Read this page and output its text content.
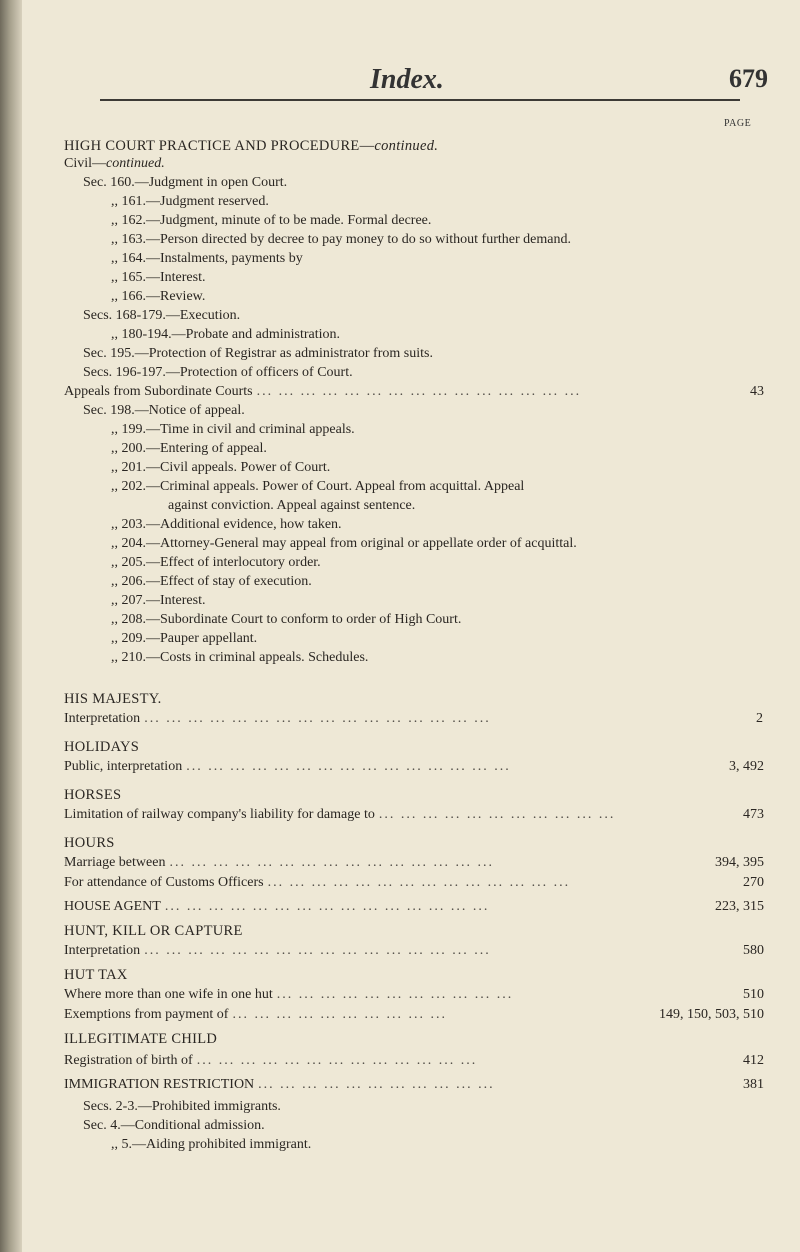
Index.	679
PAGE
HIGH COURT PRACTICE AND PROCEDURE—continued.
Civil—continued.
Sec. 160.—Judgment in open Court.
,, 161.—Judgment reserved.
,, 162.—Judgment, minute of to be made. Formal decree.
,, 163.—Person directed by decree to pay money to do so without further demand.
,, 164.—Instalments, payments by
,, 165.—Interest.
,, 166.—Review.
Secs. 168-179.—Execution.
,, 180-194.—Probate and administration.
Sec. 195.—Protection of Registrar as administrator from suits.
Secs. 196-197.—Protection of officers of Court.
Appeals from Subordinate Courts ... ... ... ... ... ... ... ... ... ... ... ... ... ... ...	43
Sec. 198.—Notice of appeal.
,, 199.—Time in civil and criminal appeals.
,, 200.—Entering of appeal.
,, 201.—Civil appeals. Power of Court.
,, 202.—Criminal appeals. Power of Court. Appeal from acquittal. Appeal
against conviction. Appeal against sentence.
,, 203.—Additional evidence, how taken.
,, 204.—Attorney-General may appeal from original or appellate order of acquittal.
,, 205.—Effect of interlocutory order.
,, 206.—Effect of stay of execution.
,, 207.—Interest.
,, 208.—Subordinate Court to conform to order of High Court.
,, 209.—Pauper appellant.
,, 210.—Costs in criminal appeals. Schedules.
HIS MAJESTY.
Interpretation ... ... ... ... ... ... ... ... ... ... ... ... ... ... ... ...	2
HOLIDAYS
Public, interpretation ... ... ... ... ... ... ... ... ... ... ... ... ... ... ...	3, 492
HORSES
Limitation of railway company's liability for damage to ... ... ... ... ... ... ... ... ... ... ...	473
HOURS
Marriage between ... ... ... ... ... ... ... ... ... ... ... ... ... ... ...	394, 395
For attendance of Customs Officers ... ... ... ... ... ... ... ... ... ... ... ... ... ...	270
HOUSE AGENT ... ... ... ... ... ... ... ... ... ... ... ... ... ... ...	223, 315
HUNT, KILL OR CAPTURE
Interpretation ... ... ... ... ... ... ... ... ... ... ... ... ... ... ... ...	580
HUT TAX
Where more than one wife in one hut ... ... ... ... ... ... ... ... ... ... ...	510
Exemptions from payment of ... ... ... ... ... ... ... ... ... ...	149, 150, 503, 510
ILLEGITIMATE CHILD
Registration of birth of ... ... ... ... ... ... ... ... ... ... ... ... ...	412
IMMIGRATION RESTRICTION ... ... ... ... ... ... ... ... ... ... ...	381
Secs. 2-3.—Prohibited immigrants.
Sec. 4.—Conditional admission.
,, 5.—Aiding prohibited immigrant.
